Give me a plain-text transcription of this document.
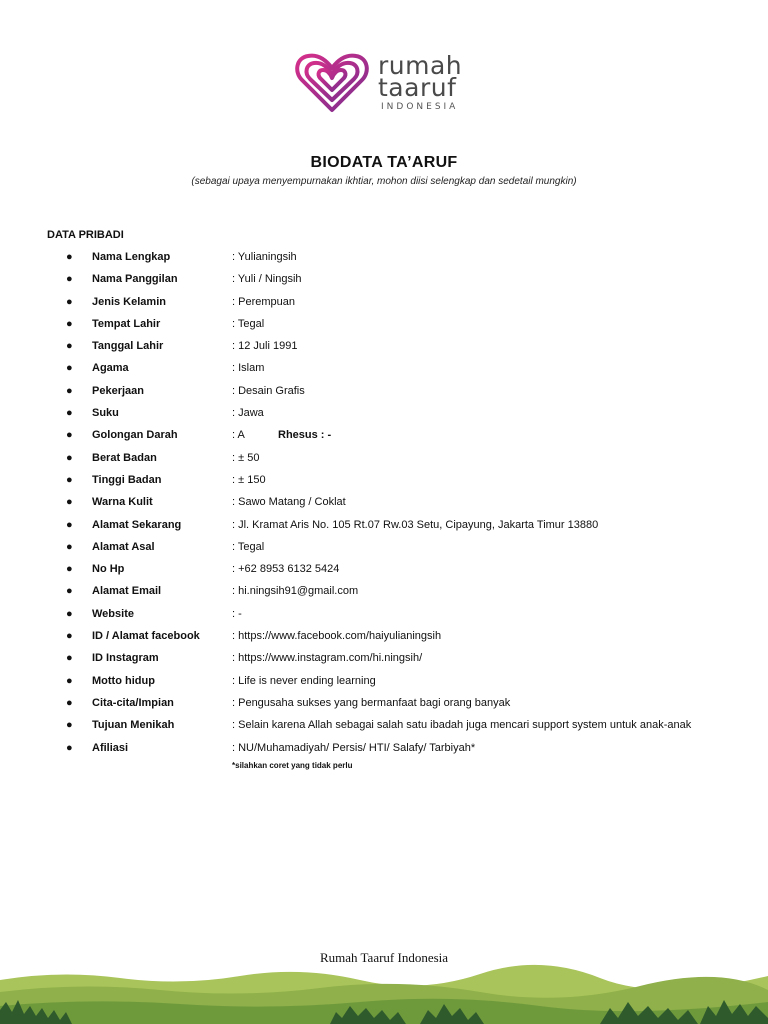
rumah
taaruf
INDONESIA
BIODATA TA’ARUF
(sebagai upaya menyempurnakan ikhtiar, mohon diisi selengkap dan sedetail mungkin)
DATA PRIBADI
● Nama Lengkap	: Yulianingsih
● Nama Panggilan	: Yuli / Ningsih
● Jenis Kelamin	: Perempuan
● Tempat Lahir	: Tegal
● Tanggal Lahir	: 12 Juli 1991
● Agama	: Islam
● Pekerjaan	: Desain Grafis
● Suku	: Jawa
● Golongan Darah	: A	Rhesus : -
● Berat Badan	: ± 50
● Tinggi Badan	: ± 150
● Warna Kulit	: Sawo Matang / Coklat
● Alamat Sekarang	: Jl. Kramat Aris No. 105 Rt.07 Rw.03 Setu, Cipayung, Jakarta Timur 13880
● Alamat Asal	: Tegal
● No Hp	: +62 8953 6132 5424
● Alamat Email	: hi.ningsih91@gmail.com
● Website	: -
● ID / Alamat facebook	: https://www.facebook.com/haiyulianingsih
● ID Instagram	: https://www.instagram.com/hi.ningsih/
● Motto hidup	: Life is never ending learning
● Cita-cita/Impian	: Pengusaha sukses yang bermanfaat bagi orang banyak
● Tujuan Menikah	: Selain karena Allah sebagai salah satu ibadah juga mencari support system untuk anak-anak
● Afiliasi	: NU/Muhamadiyah/ Persis/ HTI/ Salafy/ Tarbiyah*
*silahkan coret yang tidak perlu
Rumah Taaruf Indonesia
